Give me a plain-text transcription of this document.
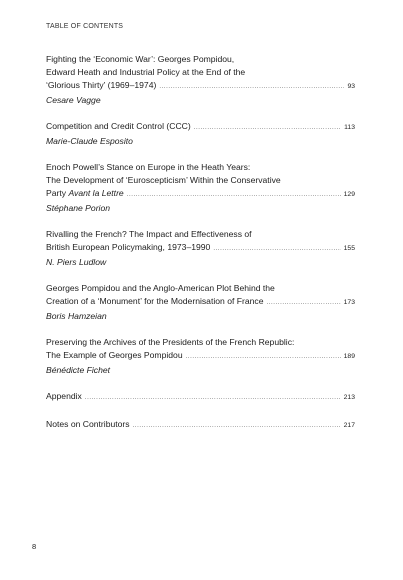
TABLE OF CONTENTS
Fighting the ‘Economic War’: Georges Pompidou,
Edward Heath and Industrial Policy at the End of the
‘Glorious Thirty’ (1969–1974) .....	93
Cesare Vagge
Competition and Credit Control (CCC) .....	113
Marie-Claude Esposito
Enoch Powell’s Stance on Europe in the Heath Years:
The Development of ‘Euroscepticism’ Within the Conservative
Party Avant la Lettre .....	129
Stéphane Porion
Rivalling the French? The Impact and Effectiveness of
British European Policymaking, 1973–1990 .....	155
N. Piers Ludlow
Georges Pompidou and the Anglo-American Plot Behind the
Creation of a ‘Monument’ for the Modernisation of France .....	173
Boris Hamzeian
Preserving the Archives of the Presidents of the French Republic:
The Example of Georges Pompidou .....	189
Bénédicte Fichet
Appendix .....	213
Notes on Contributors .....	217
8
